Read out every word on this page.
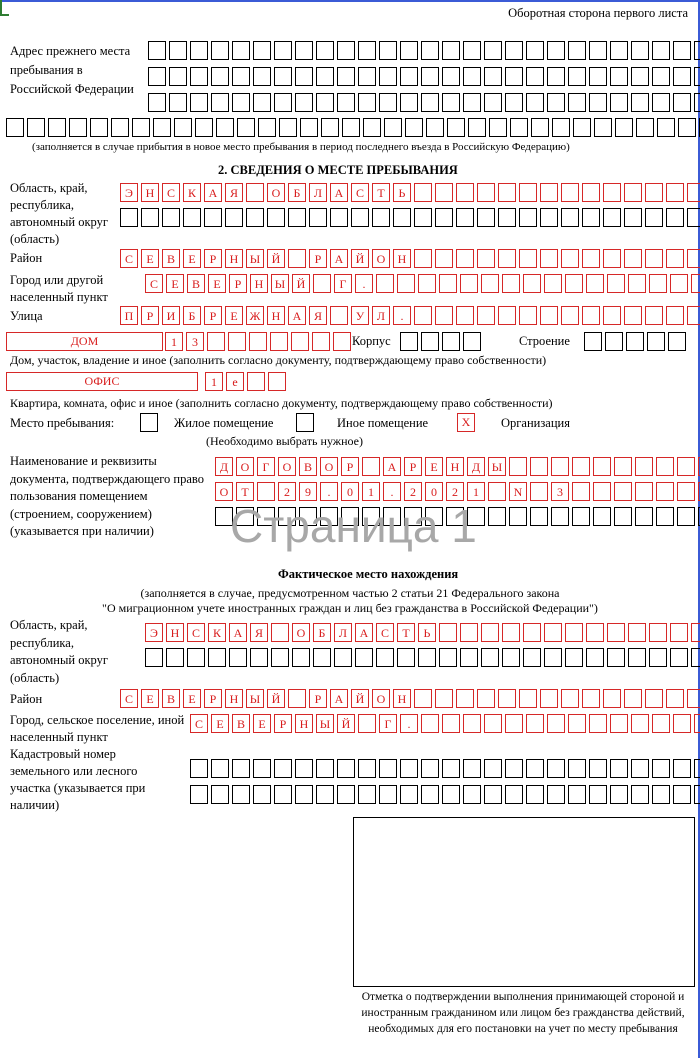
Оборотная сторона первого листа
Адрес прежнего места пребывания в Российской Федерации
(заполняется в случае прибытия в новое место пребывания в период последнего въезда в Российскую Федерацию)
2. СВЕДЕНИЯ О МЕСТЕ ПРЕБЫВАНИЯ
Область, край, республика, автономный округ (область)
Э	Н	С	К	А	Я	О	Б	Л	А	С	Т	Ь
Район	С	Е	В	Е	Р	Н Ы Й	Р	А	Й	О	Н
Город или другой населенный пункт
С	Е	В	Е	Р	Н Ы Й	Г	.
Улица	П	Р	И	Б	Р	Е Ж Н	А	Я	У	Л	.
ДОМ	1	3	Корпус	Строение
Дом, участок, владение и иное (заполнить согласно документу, подтверждающему право собственности)
ОФИС	1	е
Квартира, комната, офис и иное (заполнить согласно документу, подтверждающему право собственности)
Место пребывания:	Жилое помещение	Иное помещение	X	Организация
(Необходимо выбрать нужное)
Наименование и реквизиты документа, подтверждающего право пользования помещением (строением, сооружением) (указывается при наличии)
Д	О	Г	О	В	О	Р	А	Р	Е	Н	Д Ы
О	Т	2	9	.	0	1	.	2	0	2	1	N	3
Страница 1
Фактическое место нахождения
(заполняется в случае, предусмотренном частью 2 статьи 21 Федерального закона
"О миграционном учете иностранных граждан и лиц без гражданства в Российской Федерации")
Область, край, республика, автономный округ (область)
Э	Н	С	К	А	Я	О	Б	Л	А	С	Т	Ь
Район	С	Е	В	Е	Р	Н Ы Й	Р	А	Й	О	Н
Город, сельское поселение, иной населенный пункт
С	Е	В	Е	Р	Н Ы Й	Г	.
Кадастровый номер земельного или лесного участка (указывается при наличии)
Отметка о подтверждении выполнения принимающей стороной и иностранным гражданином или лицом без гражданства действий, необходимых для его постановки на учет по месту пребывания
